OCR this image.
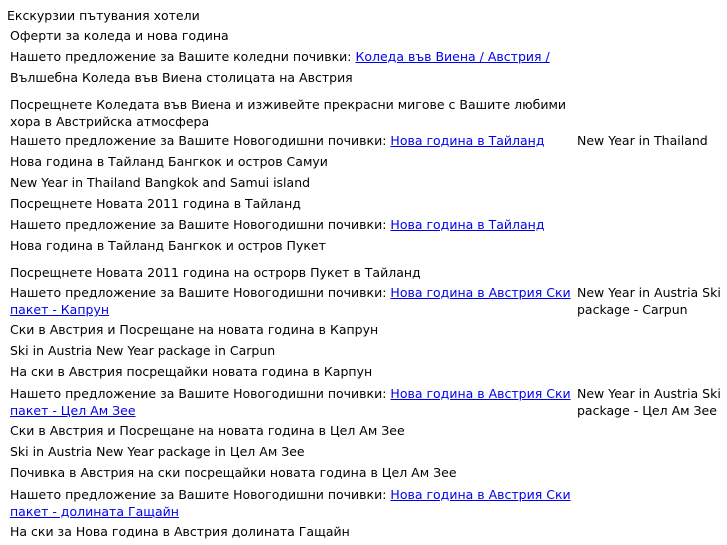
Екскурзии пътувания хотели
Оферти за коледа и нова година	
Нашето предложение за Вашите коледни почивки: Коледа във Виена / Австрия /	
Вълшебна Коледа във Виена столицата на Австрия	
Посрещнете Коледата във Виена и изживейте прекрасни мигове с Вашите любими хора в Австрийска атмосфера	
Нашето предложение за Вашите Новогодишни почивки: Нова година в Тайланд	New Year in Thailand
Нова година в Тайланд Бангкок и остров Самуи	
New Year in Thailand Bangkok and Samui island	
Посрещнете Новата 2011 година в Тайланд	
Нашето предложение за Вашите Новогодишни почивки: Нова година в Тайланд	
Нова година в Тайланд Бангкок и остров Пукет	
Посрещнете Новата 2011 година на острорв Пукет в Тайланд	
Нашето предложение за Вашите Новогодишни почивки: Нова година в Австрия Ски пакет - Капрун	New Year in Austria Ski package - Carpun
Ски в Австрия и Посрещане на новата година в Капрун	
Ski in Austria New Year package in Carpun	
На ски в Австрия посрещайки новата година в Карпун	
Нашето предложение за Вашите Новогодишни почивки: Нова година в Австрия Ски пакет - Цел Ам Зее	New Year in Austria Ski package - Цел Ам Зее
Ски в Австрия и Посрещане на новата година в Цел Ам Зее	
Ski in Austria New Year package in Цел Ам Зее	
Почивка в Австрия на ски посрещайки новата година в Цел Ам Зее	
Нашето предложение за Вашите Новогодишни почивки: Нова година в Австрия Ски пакет - долината Гащайн	
На ски за Нова година в Австрия долината Гащайн	
